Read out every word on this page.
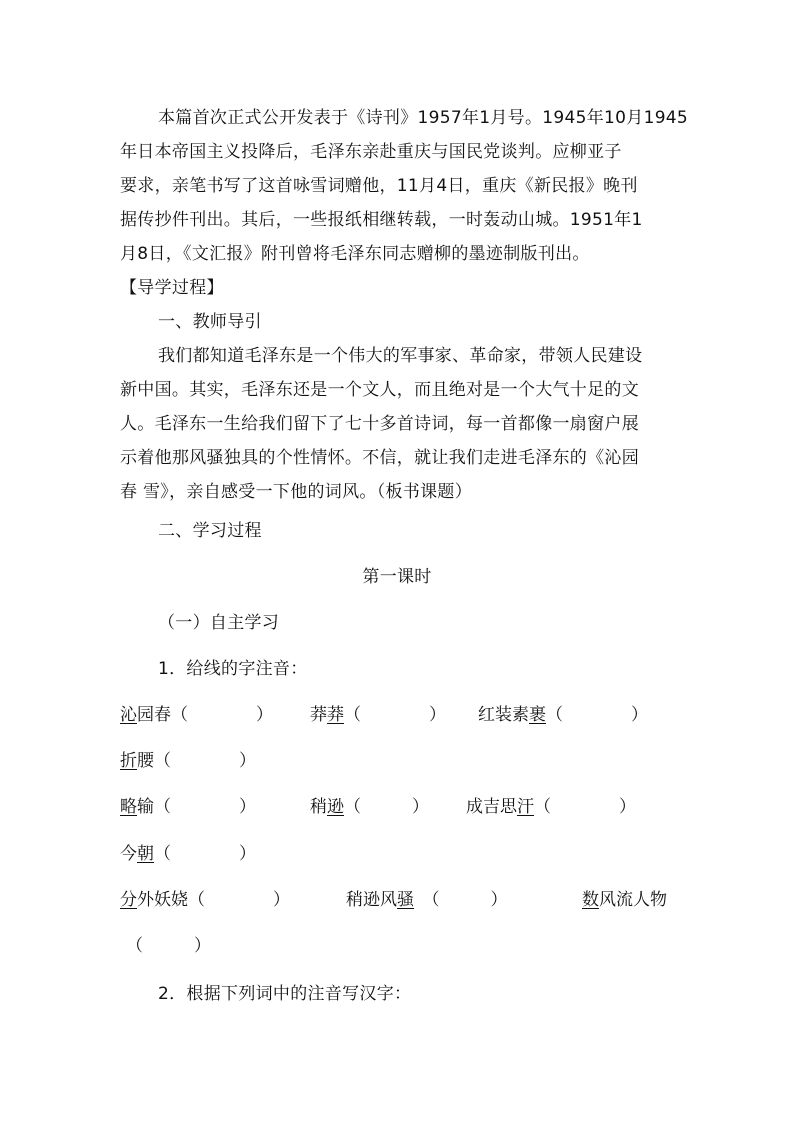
本篇首次正式公开发表于《诗刊》1957年1月号。1945年10月1945
年日本帝国主义投降后，毛泽东亲赴重庆与国民党谈判。应柳亚子
要求，亲笔书写了这首咏雪词赠他，11月4日，重庆《新民报》晚刊
据传抄件刊出。其后，一些报纸相继转载，一时轰动山城。1951年1
月8日，《文汇报》附刊曾将毛泽东同志赠柳的墨迹制版刊出。
【导学过程】
一、教师导引
我们都知道毛泽东是一个伟大的军事家、革命家，带领人民建设
新中国。其实，毛泽东还是一个文人，而且绝对是一个大气十足的文
人。毛泽东一生给我们留下了七十多首诗词，每一首都像一扇窗户展
示着他那风骚独具的个性情怀。不信，就让我们走进毛泽东的《沁园
春 雪》，亲自感受一下他的词风。（板书课题）
二、学习过程
第一课时
（一）自主学习
1．给线的字注音：
沁园春（　　　　） 莽莽（　　　　） 红装素裹（　　　　）
折腰（　　　　）
略输（　　　　）	稍逊（　　　） 成吉思汗（　　　　）
今朝（　　　　）
分外妖娆（　　　　）	稍逊风骚　（　　　）	数风流人物
（　　　）
2．根据下列词中的注音写汉字：
